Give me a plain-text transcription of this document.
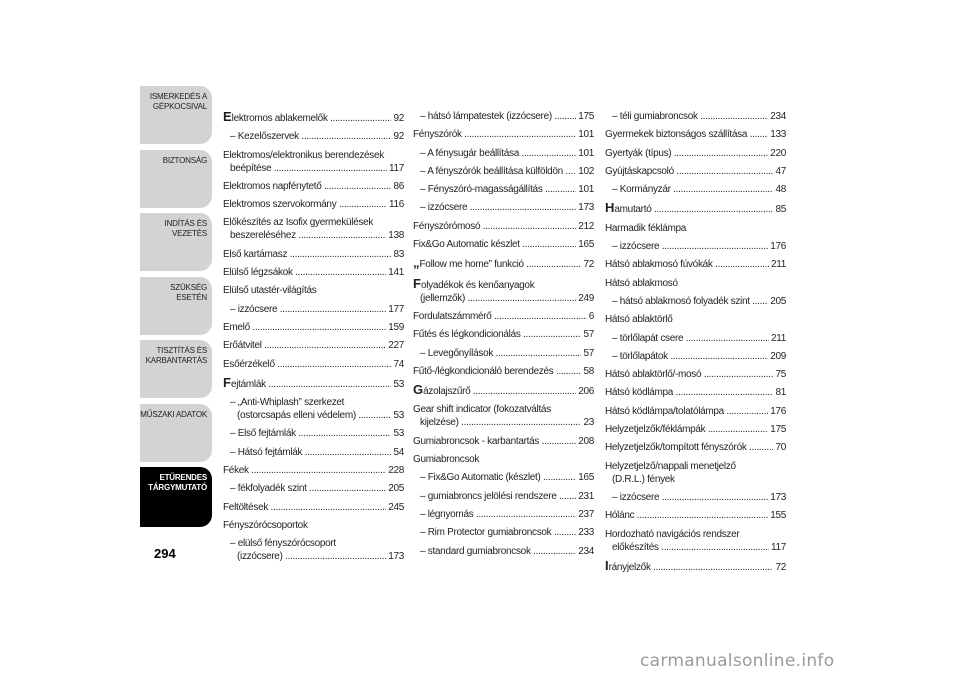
ISMERKEDÉS A
GÉPKOCSIVAL
BIZTONSÁG
INDÍTÁS ÉS VEZETÉS
SZÜKSÉG ESETÉN
TISZTÍTÁS ÉS
KARBANTARTÁS
MŰSZAKI ADATOK
ETŰRENDES
TÁRGYMUTATÓ
294
Elektromos ablakemelők .....	92
– Kezelőszervek .....	92
Elektromos/elektronikus berendezések
beépítése .....	117
Elektromos napfénytető .....	86
Elektromos szervokormány .....	116
Előkészítés az Isofix gyermekülések
beszereléséhez .....	138
Első kartámasz .....	83
Elülső légzsákok .....	141
Elülső utastér-világítás
– izzócsere .....	177
Emelő .....	159
Erőátvitel .....	227
Esőérzékelő .....	74
Fejtámlák .....	53
– „Anti-Whiplash” szerkezet
(ostorcsapás elleni védelem) .....	53
– Első fejtámlák .....	53
– Hátsó fejtámlák .....	54
Fékek .....	228
– fékfolyadék szint .....	205
Feltöltések .....	245
Fényszórócsoportok
– elülső fényszórócsoport
(izzócsere) .....	173
– hátsó lámpatestek (izzócsere) .....	175
Fényszórók .....	101
– A fénysugár beállítása .....	101
– A fényszórók beállítása külföldön .....	102
– Fényszóró-magasságállítás .....	101
– izzócsere .....	173
Fényszórómosó .....	212
Fix&Go Automatic készlet .....	165
„Follow me home” funkció .....	72
Folyadékok és kenőanyagok
(jellemzők) .....	249
Fordulatszámmérő .....	6
Fűtés és légkondicionálás .....	57
– Levegőnyílások .....	57
Fűtő-/légkondicionáló berendezés .....	58
Gázolajszűrő .....	206
Gear shift indicator (fokozatváltás
kijelzése) .....	23
Gumiabroncsok - karbantartás .....	208
Gumiabroncsok
– Fix&Go Automatic (készlet) .....	165
– gumiabroncs jelölési rendszere .....	231
– légnyomás .....	237
– Rim Protector gumiabroncsok .....	233
– standard gumiabroncsok .....	234
– téli gumiabroncsok .....	234
Gyermekek biztonságos szállítása .....	133
Gyertyák (típus) .....	220
Gyújtáskapcsoló .....	47
– Kormányzár .....	48
Hamutartó .....	85
Harmadik féklámpa
– izzócsere .....	176
Hátsó ablakmosó fúvókák .....	211
Hátsó ablakmosó
– hátsó ablakmosó folyadék szint .....	205
Hátsó ablaktörlő
– törlőlapát csere .....	211
– törlőlapátok .....	209
Hátsó ablaktörlő/-mosó .....	75
Hátsó ködlámpa .....	81
Hátsó ködlámpa/tolatólámpa .....	176
Helyzetjelzők/féklámpák .....	175
Helyzetjelzők/tompított fényszórók .....	70
Helyzetjelző/nappali menetjelző
(D.R.L.) fények
– izzócsere .....	173
Hólánc .....	155
Hordozható navigációs rendszer
előkészítés .....	117
Irányjelzők .....	72
carmanualsonline.info
